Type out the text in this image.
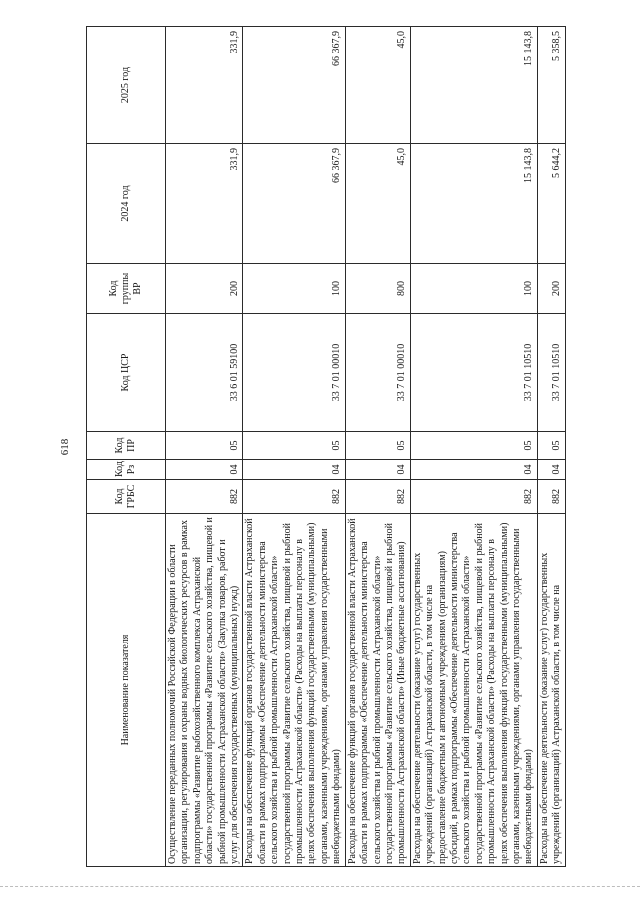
618
Наименование показателя	Код ГРБС	Код Рз	Код ПР	Код ЦСР	Код группы ВР	2024 год	2025 год
Осуществление переданных полномочий Российской Федерации в области организации, регулирования и охраны водных биологических ресурсов в рамках подпрограммы «Развитие рыбохозяйственного комплекса Астраханской области» государственной программы «Развитие сельского хозяйства, пищевой и рыбной промышленности Астраханской области» (Закупка товаров, работ и услуг для обеспечения государственных (муниципальных) нужд)	882	04	05	33 6 01 59100	200	331,9	331,9
Расходы на обеспечение функций органов государственной власти Астраханской области в рамках подпрограммы «Обеспечение деятельности министерства сельского хозяйства и рыбной промышленности Астраханской области» государственной программы «Развитие сельского хозяйства, пищевой и рыбной промышленности Астраханской области» (Расходы на выплаты персоналу в целях обеспечения выполнения функций государственными (муниципальными) органами, казенными учреждениями, органами управления государственными внебюджетными фондами)	882	04	05	33 7 01 00010	100	66 367,9	66 367,9
Расходы на обеспечение функций органов государственной власти Астраханской области в рамках подпрограммы «Обеспечение деятельности министерства сельского хозяйства и рыбной промышленности Астраханской области» государственной программы «Развитие сельского хозяйства, пищевой и рыбной промышленности Астраханской области» (Иные бюджетные ассигнования)	882	04	05	33 7 01 00010	800	45,0	45,0
Расходы на обеспечение деятельности (оказание услуг) государственных учреждений (организаций) Астраханской области, в том числе на предоставление бюджетным и автономным учреждениям (организациям) субсидий, в рамках подпрограммы «Обеспечение деятельности министерства сельского хозяйства и рыбной промышленности Астраханской области» государственной программы «Развитие сельского хозяйства, пищевой и рыбной промышленности Астраханской области» (Расходы на выплаты персоналу в целях обеспечения выполнения функций государственными (муниципальными) органами, казенными учреждениями, органами управления государственными внебюджетными фондами)	882	04	05	33 7 01 10510	100	15 143,8	15 143,8
Расходы на обеспечение деятельности (оказание услуг) государственных учреждений (организаций) Астраханской области, в том числе на	882	04	05	33 7 01 10510	200	5 644,2	5 358,5
